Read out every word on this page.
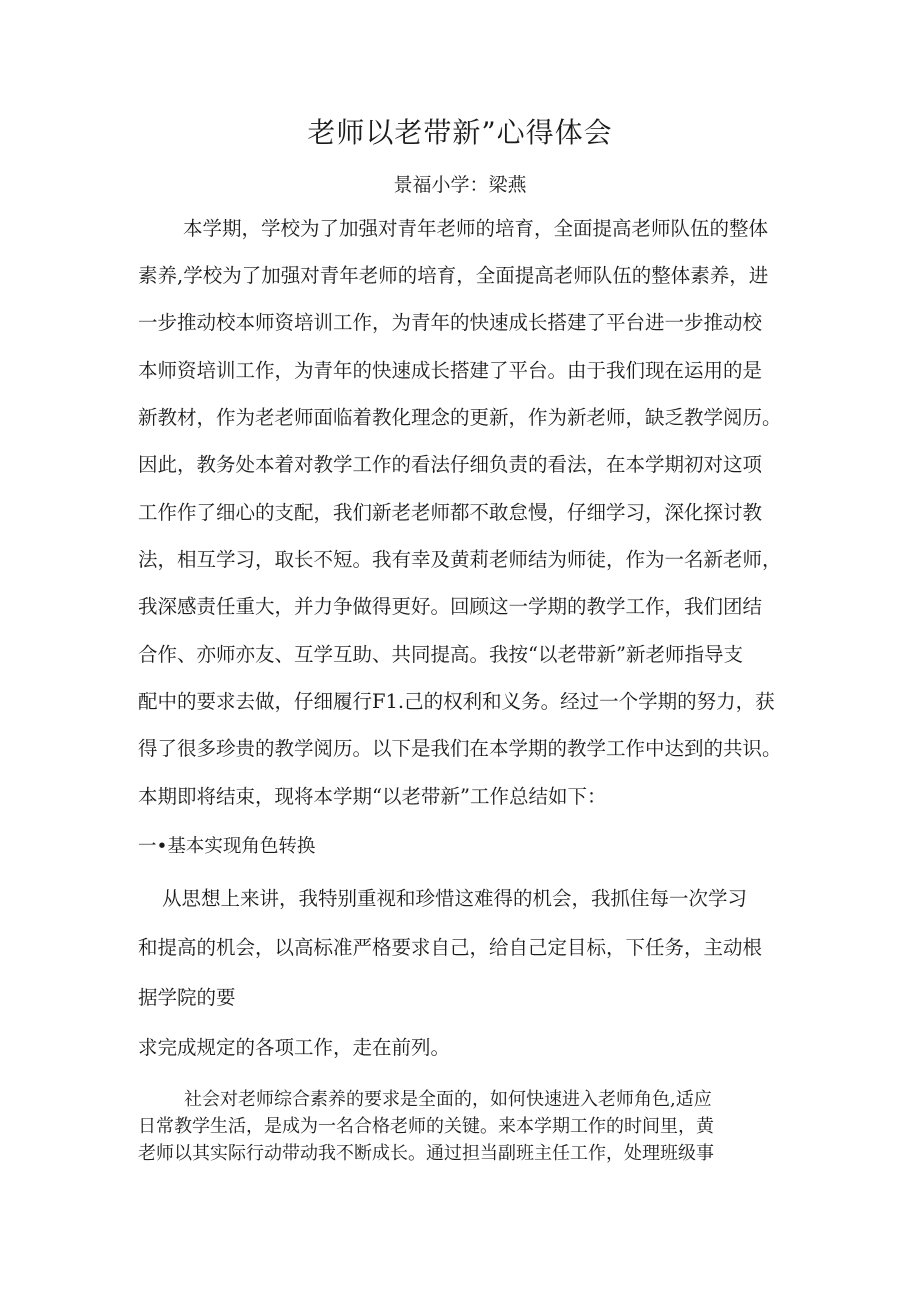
老师以老带新”心得体会
景福小学：梁燕
本学期，学校为了加强对青年老师的培育，全面提高老师队伍的整体
素养,学校为了加强对青年老师的培育，全面提高老师队伍的整体素养，进
一步推动校本师资培训工作，为青年的快速成长搭建了平台进一步推动校
本师资培训工作，为青年的快速成长搭建了平台。由于我们现在运用的是
新教材，作为老老师面临着教化理念的更新，作为新老师，缺乏教学阅历。
因此，教务处本着对教学工作的看法仔细负责的看法，在本学期初对这项
工作作了细心的支配，我们新老老师都不敢怠慢，仔细学习，深化探讨教
法，相互学习，取长不短。我有幸及黄莉老师结为师徒，作为一名新老师，
我深感责任重大，并力争做得更好。回顾这一学期的教学工作，我们团结
合作、亦师亦友、互学互助、共同提高。我按“以老带新”新老师指导支
配中的要求去做，仔细履行F1.己的权利和义务。经过一个学期的努力，获
得了很多珍贵的教学阅历。以下是我们在本学期的教学工作中达到的共识。
本期即将结束，现将本学期“以老带新”工作总结如下：
一•基本实现角色转换
从思想上来讲，我特别重视和珍惜这难得的机会，我抓住每一次学习
和提高的机会，以高标准严格要求自己，给自己定目标，下任务，主动根
据学院的要
求完成规定的各项工作，走在前列。
社会对老师综合素养的要求是全面的，如何快速进入老师角色,适应
日常教学生活，是成为一名合格老师的关键。来本学期工作的时间里，黄
老师以其实际行动带动我不断成长。通过担当副班主任工作，处理班级事
